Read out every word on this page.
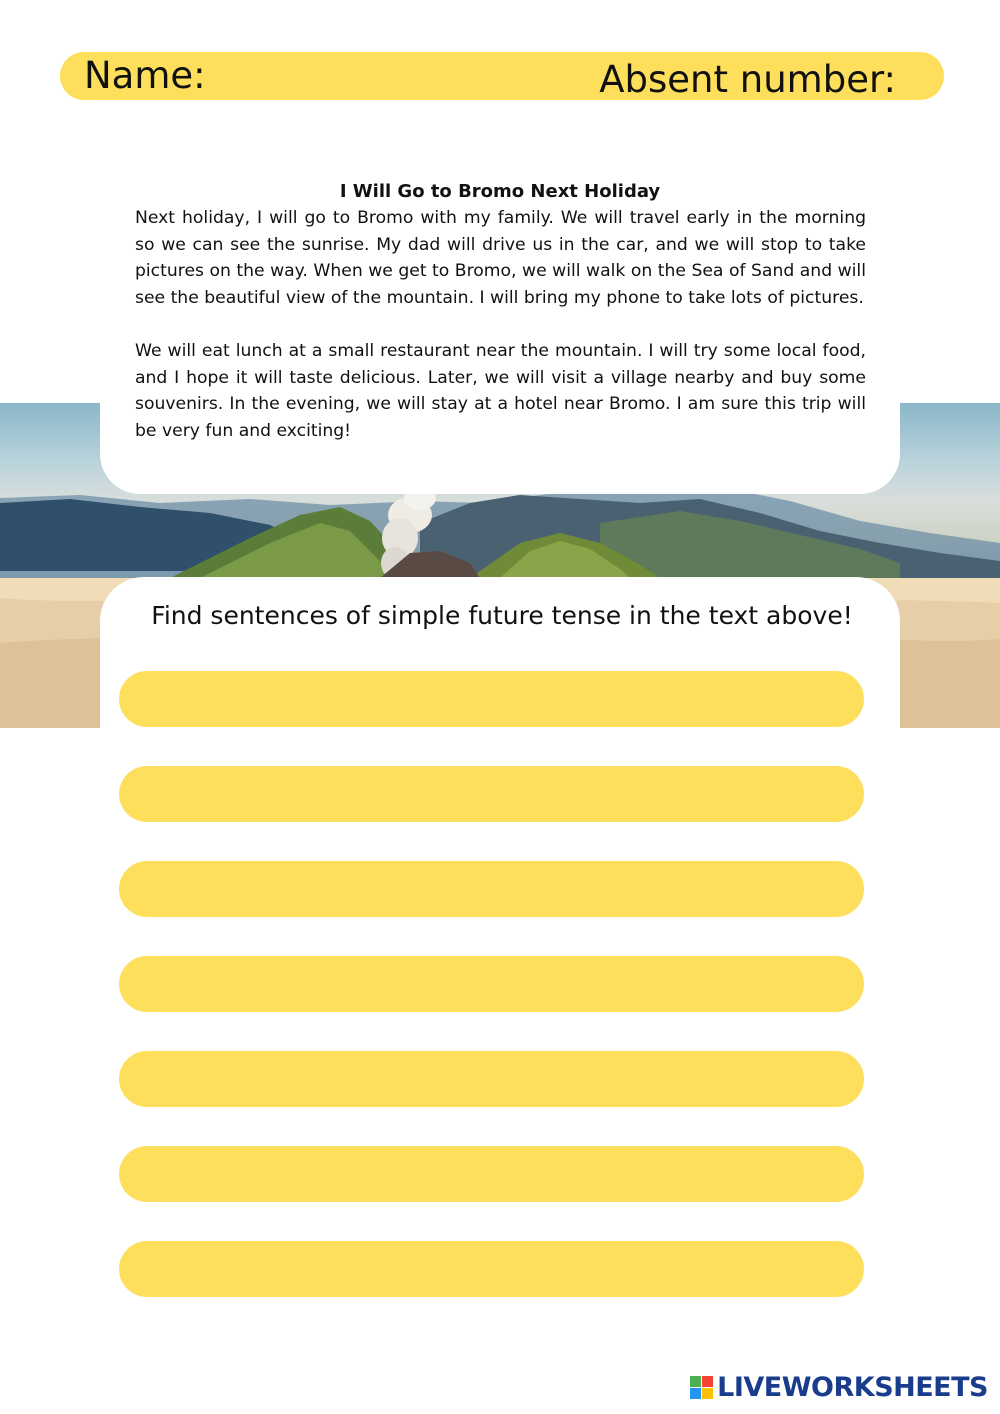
Name:	Absent number:
I Will Go to Bromo Next Holiday

Next holiday, I will go to Bromo with my family. We will travel early in the morning so we can see the sunrise. My dad will drive us in the car, and we will stop to take pictures on the way. When we get to Bromo, we will walk on the Sea of Sand and will see the beautiful view of the mountain. I will bring my phone to take lots of pictures.

We will eat lunch at a small restaurant near the mountain. I will try some local food, and I hope it will taste delicious. Later, we will visit a village nearby and buy some souvenirs. In the evening, we will stay at a hotel near Bromo. I am sure this trip will be very fun and exciting!

Find sentences of simple future tense in the text above!
LIVEWORKSHEETS
